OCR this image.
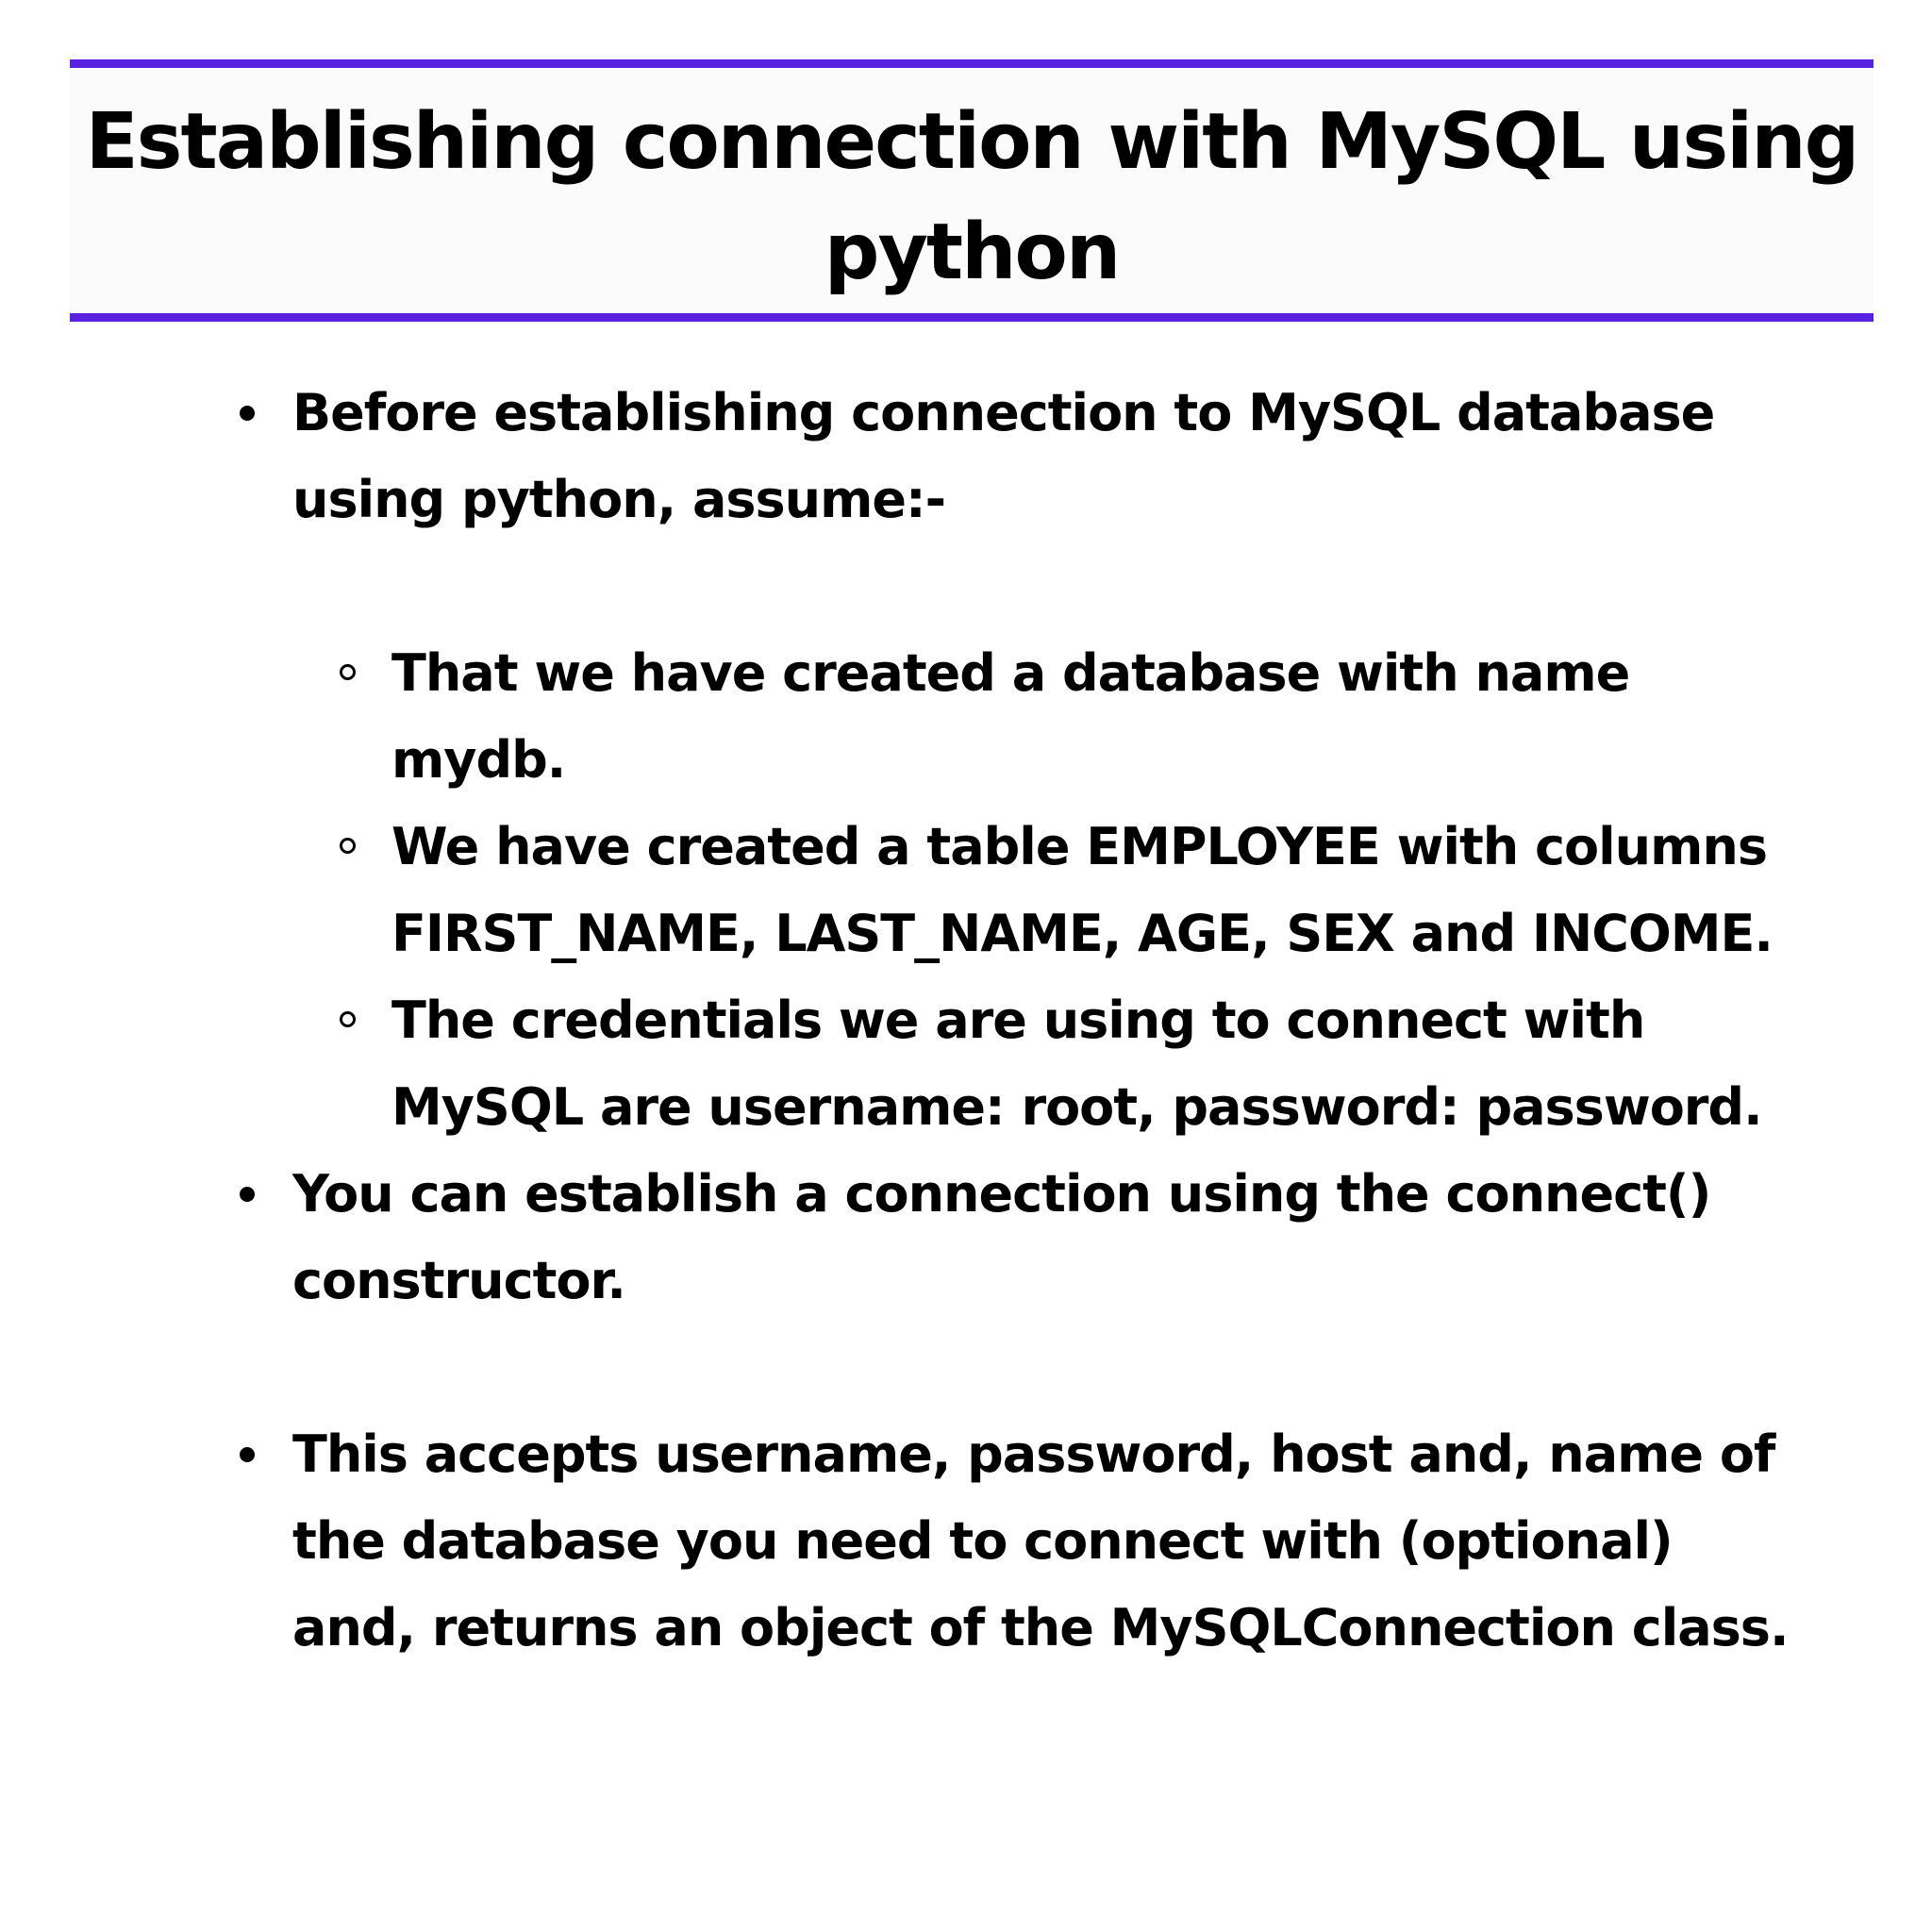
Establishing connection with MySQL using python
Before establishing connection to MySQL database using python, assume:-
That we have created a database with name mydb.
We have created a table EMPLOYEE with columns FIRST_NAME, LAST_NAME, AGE, SEX and INCOME.
The credentials we are using to connect with MySQL are username: root, password: password.
You can establish a connection using the connect() constructor.
This accepts username, password, host and, name of the database you need to connect with (optional) and, returns an object of the MySQLConnection class.
